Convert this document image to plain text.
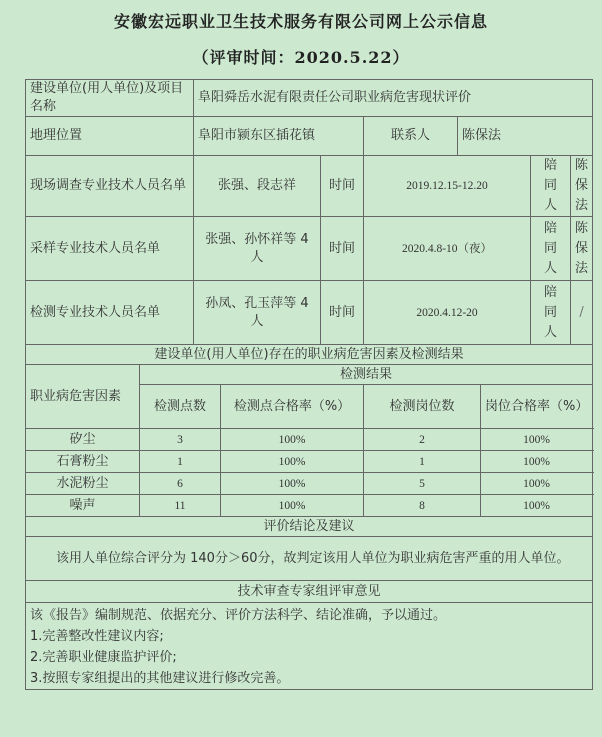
安徽宏远职业卫生技术服务有限公司网上公示信息
（评审时间：2020.5.22）
建设单位(用人单位)及项目名称		阜阳舜岳水泥有限责任公司职业病危害现状评价							
地理位置		阜阳市颍东区插花镇			联系人	陈保法			
现场调查专业技术人员名单		张强、段志祥		时间	2019.12.15-12.20			陪同人	陈保法
采样专业技术人员名单		张强、孙怀祥等 4 人		时间	2020.4.8-10（夜）			陪同人	陈保法
检测专业技术人员名单		孙凤、孔玉萍等 4 人		时间	2020.4.12-20			陪同人	/
建设单位(用人单位)存在的职业病危害因素及检测结果									
职业病危害因素	检测结果								
	检测点数		检测点合格率（%）		检测岗位数		岗位合格率（%）		
矽尘	3		100%		2		100%		
石膏粉尘	1		100%		1		100%		
水泥粉尘	6		100%		5		100%		
噪声	11		100%		8		100%		
评价结论及建议									
该用人单位综合评分为 140分＞60分，故判定该用人单位为职业病危害严重的用人单位。									
技术审查专家组评审意见									

该《报告》编制规范、依据充分、评价方法科学、结论准确，予以通过。
1.完善整改性建议内容;
2.完善职业健康监护评价;
3.按照专家组提出的其他建议进行修改完善。									
